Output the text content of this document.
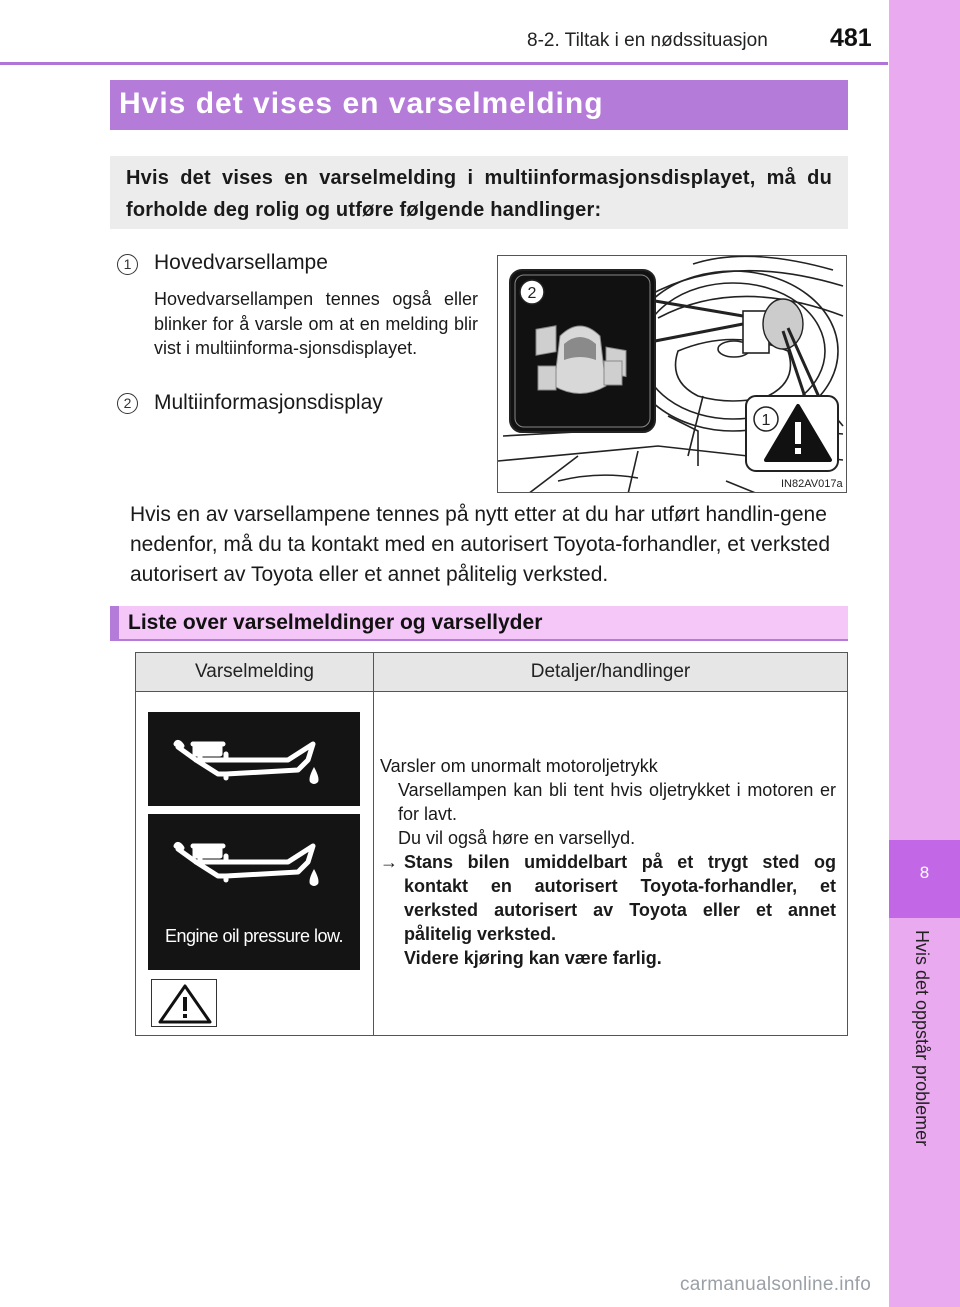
8-2. Tiltak i en nødssituasjon 481
8
Hvis det oppstår problemer
Hvis det vises en varselmelding
Hvis det vises en varselmelding i multiinformasjonsdisplayet, må du forholde deg rolig og utføre følgende handlinger:
1	Hovedvarsellampe
Hovedvarsellampen tennes også eller blinker for å varsle om at en melding blir vist i multiinforma-sjonsdisplayet.
2	Multiinformasjonsdisplay
2
1
IN82AV017a
Hvis en av varsellampene tennes på nytt etter at du har utført handlin-gene nedenfor, må du ta kontakt med en autorisert Toyota-forhandler, et verksted autorisert av Toyota eller et annet pålitelig verksted.
Liste over varselmeldinger og varsellyder
Varselmelding	Detaljer/handlinger

Engine oil pressure low.	Varsler om unormalt motoroljetrykk
Varsellampen kan bli tent hvis oljetrykket i motoren er for lavt.
Du vil også høre en varsellyd.
→ Stans bilen umiddelbart på et trygt sted og kontakt en autorisert Toyota-forhandler, et verksted autorisert av Toyota eller et annet pålitelig verksted.
Videre kjøring kan være farlig.
carmanualsonline.info
